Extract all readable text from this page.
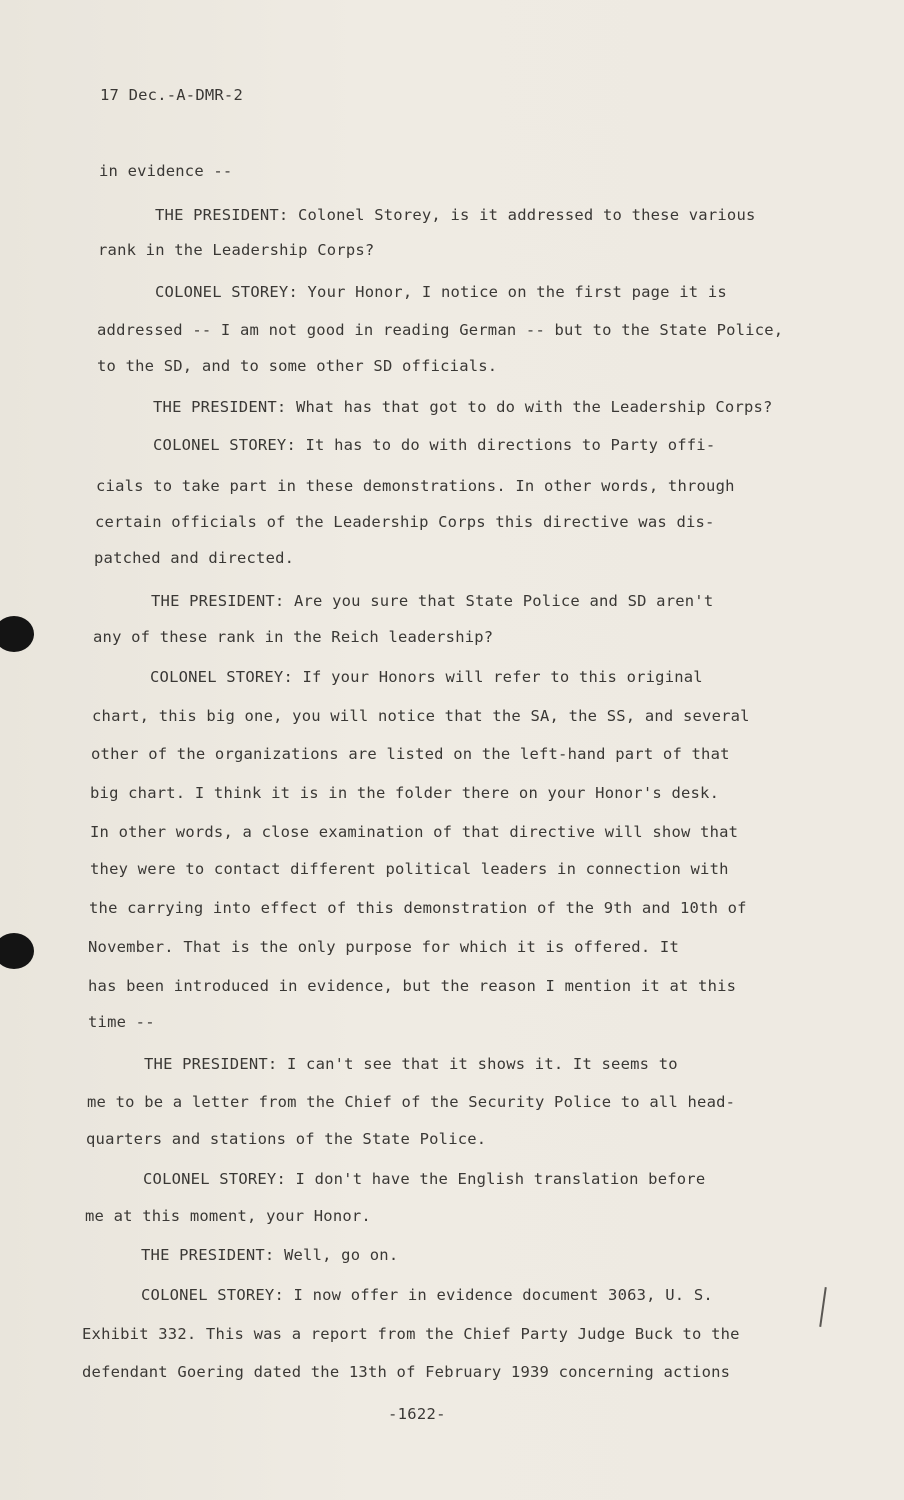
17 Dec.-A-DMR-2
in evidence --
THE PRESIDENT: Colonel Storey, is it addressed to these various
rank in the Leadership Corps?
COLONEL STOREY: Your Honor, I notice on the first page it is
addressed -- I am not good in reading German -- but to the State Police,
to the SD, and to some other SD officials.
THE PRESIDENT: What has that got to do with the Leadership Corps?
COLONEL STOREY: It has to do with directions to Party offi-
cials to take part in these demonstrations. In other words, through
certain officials of the Leadership Corps this directive was dis-
patched and directed.
THE PRESIDENT: Are you sure that State Police and SD aren't
any of these rank in the Reich leadership?
COLONEL STOREY: If your Honors will refer to this original
chart, this big one, you will notice that the SA, the SS, and several
other of the organizations are listed on the left-hand part of that
big chart. I think it is in the folder there on your Honor's desk.
In other words, a close examination of that directive will show that
they were to contact different political leaders in connection with
the carrying into effect of this demonstration of the 9th and 10th of
November. That is the only purpose for which it is offered. It
has been introduced in evidence, but the reason I mention it at this
time --
THE PRESIDENT: I can't see that it shows it. It seems to
me to be a letter from the Chief of the Security Police to all head-
quarters and stations of the State Police.
COLONEL STOREY: I don't have the English translation before
me at this moment, your Honor.
THE PRESIDENT: Well, go on.
COLONEL STOREY: I now offer in evidence document 3063, U. S.
Exhibit 332. This was a report from the Chief Party Judge Buck to the
defendant Goering dated the 13th of February 1939 concerning actions
-1622-
